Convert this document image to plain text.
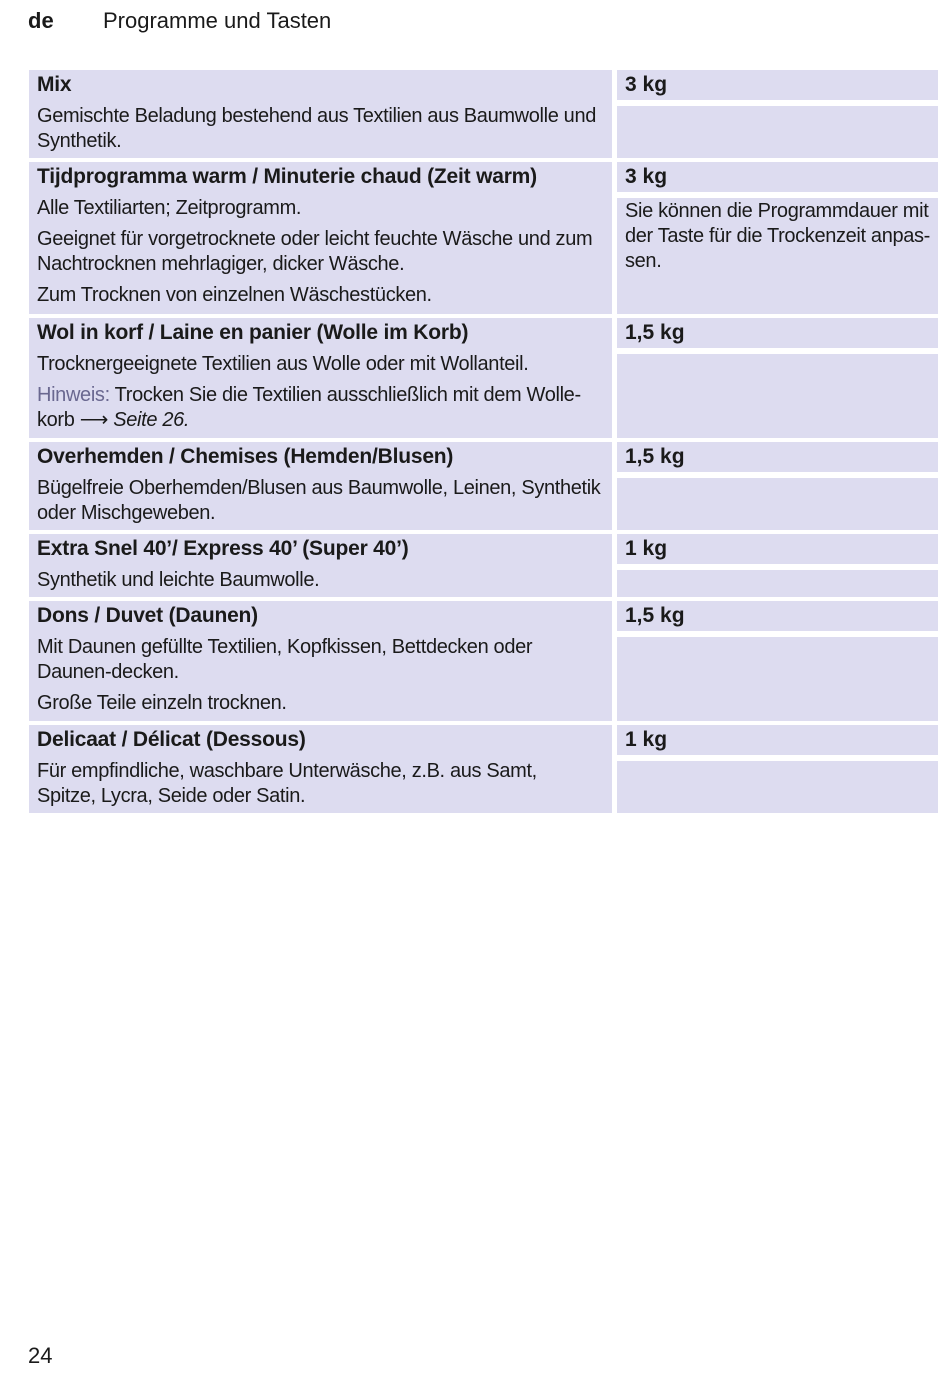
de Programme und Tasten
Mix
Gemischte Beladung bestehend aus Textilien aus Baumwolle und Synthetik.
3 kg
Tijdprogramma warm / Minuterie chaud (Zeit warm)
Alle Textiliarten; Zeitprogramm.
Geeignet für vorgetrocknete oder leicht feuchte Wäsche und zum Nachtrocknen mehrlagiger, dicker Wäsche.
Zum Trocknen von einzelnen Wäschestücken.
3 kg
Sie können die Programmdauer mit der Taste für die Trockenzeit anpas-sen.
Wol in korf / Laine en panier (Wolle im Korb)
Trocknergeeignete Textilien aus Wolle oder mit Wollanteil.
Hinweis: Trocken Sie die Textilien ausschließlich mit dem Wolle-korb ⟶ Seite 26.
1,5 kg
Overhemden / Chemises (Hemden/Blusen)
Bügelfreie Oberhemden/Blusen aus Baumwolle, Leinen, Synthetik oder Mischgeweben.
1,5 kg
Extra Snel 40’/ Express 40’ (Super 40’)
Synthetik und leichte Baumwolle.
1 kg
Dons / Duvet (Daunen)
Mit Daunen gefüllte Textilien, Kopfkissen, Bettdecken oder Daunen-decken.
Große Teile einzeln trocknen.
1,5 kg
Delicaat / Délicat (Dessous)
Für empfindliche, waschbare Unterwäsche, z.B. aus Samt, Spitze, Lycra, Seide oder Satin.
1 kg
24
